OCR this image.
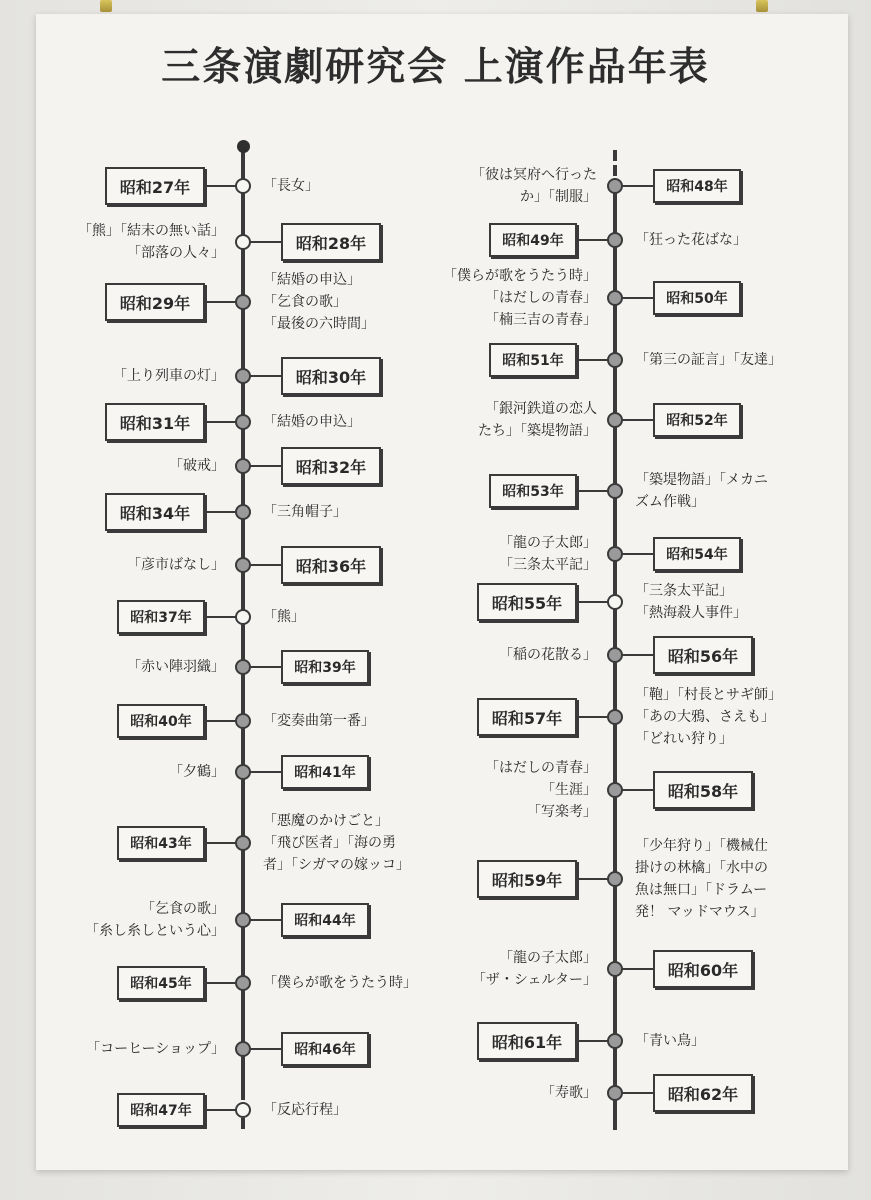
三条演劇研究会 上演作品年表
昭和27年	「長女」
昭和28年
「熊」「結末の無い話」
「部落の人々」
昭和29年
「結婚の申込」
「乞食の歌」
「最後の六時間」
昭和30年
「上り列車の灯」
昭和31年	「結婚の申込」
昭和32年
「破戒」
昭和34年	「三角帽子」
昭和36年
「彦市ばなし」
昭和37年	「熊」
昭和39年
「赤い陣羽織」
昭和40年	「変奏曲第一番」
昭和41年
「夕鶴」
昭和43年
「悪魔のかけごと」
「飛び医者」「海の勇
者」「シガマの嫁ッコ」
昭和44年
「乞食の歌」
「糸し糸しという心」
昭和45年	「僕らが歌をうたう時」
昭和46年
「コーヒーショップ」
昭和47年	「反応行程」
昭和48年
「彼は冥府へ行った
か」「制服」
昭和49年	「狂った花ばな」
昭和50年
「僕らが歌をうたう時」
「はだしの青春」
「楠三吉の青春」
昭和51年	「第三の証言」「友達」
昭和52年
「銀河鉄道の恋人
たち」「築堤物語」
昭和53年
「築堤物語」「メカニ
ズム作戦」
昭和54年
「龍の子太郎」
「三条太平記」
昭和55年
「三条太平記」
「熱海殺人事件」
昭和56年
「稲の花散る」
昭和57年
「鞄」「村長とサギ師」
「あの大鴉、さえも」
「どれい狩り」
昭和58年
「はだしの青春」
「生涯」
「写楽考」
昭和59年
「少年狩り」「機械仕
掛けの林檎」「水中の
魚は無口」「ドラムー
発！ マッドマウス」
昭和60年
「龍の子太郎」
「ザ・シェルター」
昭和61年	「青い鳥」
昭和62年
「寿歌」
